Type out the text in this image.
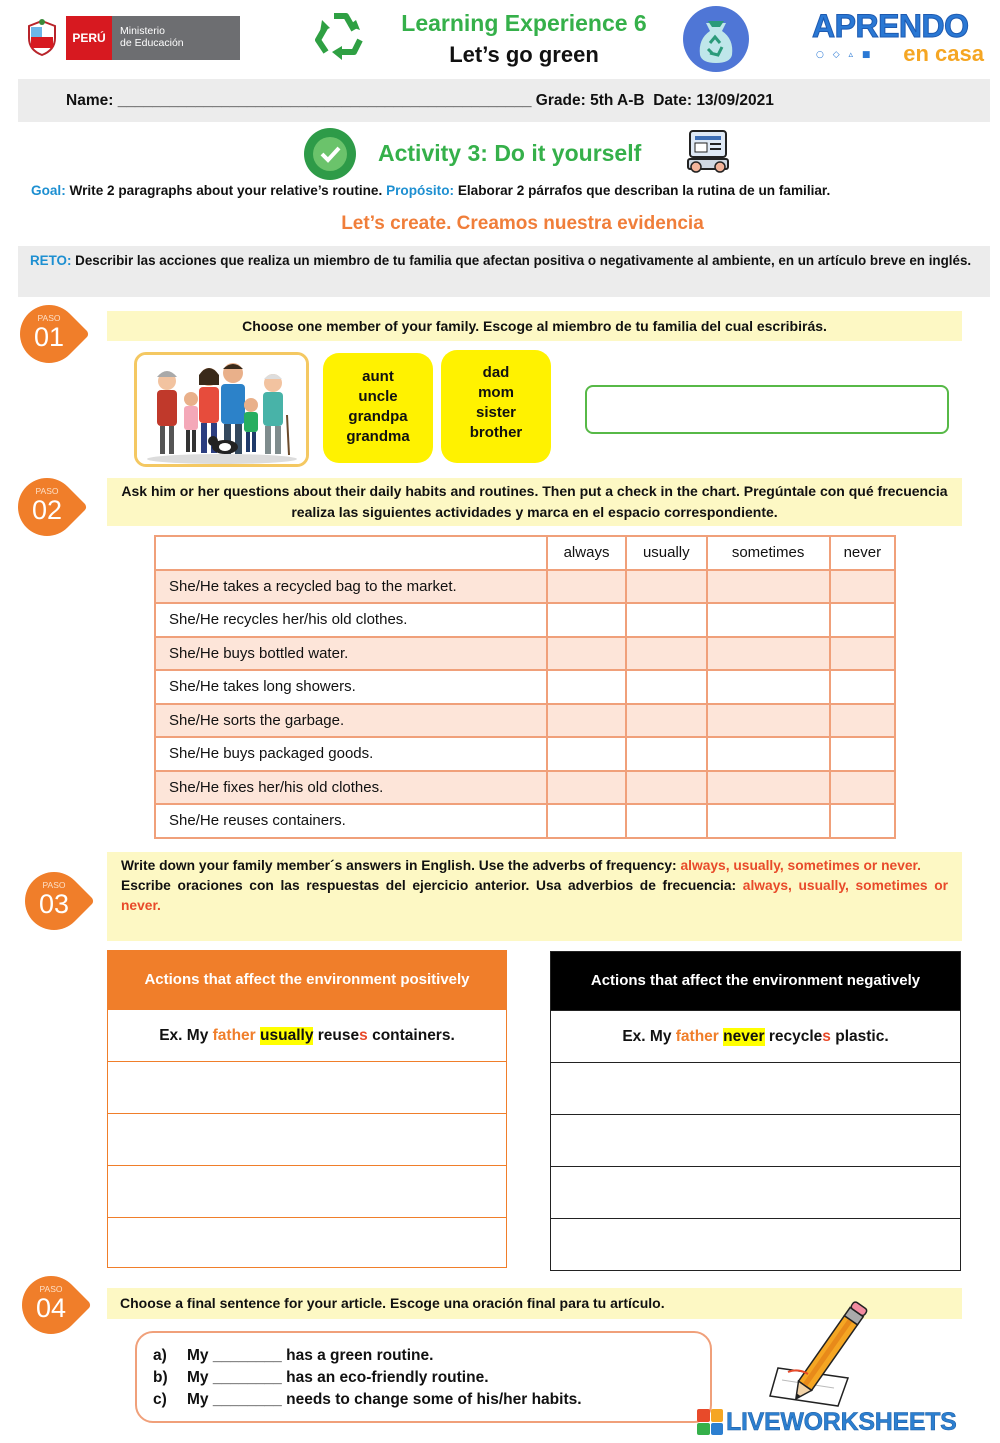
PERÚ	Ministerio
de Educación
Learning Experience 6
Let’s go green
APRENDO
en casa
○ ◇ ▵ ■
Name:
________________________________________________
Grade:
5th A-B
Date:
13/09/2021
Activity 3: Do it yourself
Goal: Write 2 paragraphs about your relative’s routine. Propósito: Elaborar 2 párrafos que describan la rutina de un familiar.
Let’s create. Creamos nuestra evidencia
RETO: Describir las acciones que realiza un miembro de tu familia que afectan positiva o negativamente al ambiente, en un artículo breve en inglés.
PASO
01	Choose one member of your family. Escoge al miembro de tu familia del cual escribirás.
aunt
uncle
grandpa
grandma
dad
mom
sister
brother
PASO
02
Ask him or her questions about their daily habits and routines. Then put a check in the chart. Pregúntale con qué frecuencia realiza las siguientes actividades y marca en el espacio correspondiente.
	always	usually	sometimes	never
She/He takes a recycled bag to the market.				
She/He recycles her/his old clothes.				
She/He buys bottled water.				
She/He takes long showers.				
She/He sorts the garbage.				
She/He buys packaged goods.				
She/He fixes her/his old clothes.				
She/He reuses containers.				
PASO
03
Write down your family member´s answers in English. Use the adverbs of frequency: always, usually, sometimes or never.
Escribe oraciones con las respuestas del ejercicio anterior. Usa adverbios de frecuencia: always, usually, sometimes or never.
Actions that affect the environment positively
Ex. My
father
usually
reuse s
containers.
Actions that affect the environment negatively
Ex. My
father
never
recycle s
plastic.
PASO
04	Choose a final sentence for your article. Escoge una oración final para tu artículo.
a)	My ________ has a green routine.
b)	My ________ has an eco-friendly routine.
c)	My ________ needs to change some of his/her habits.
LIVEWORKSHEETS
